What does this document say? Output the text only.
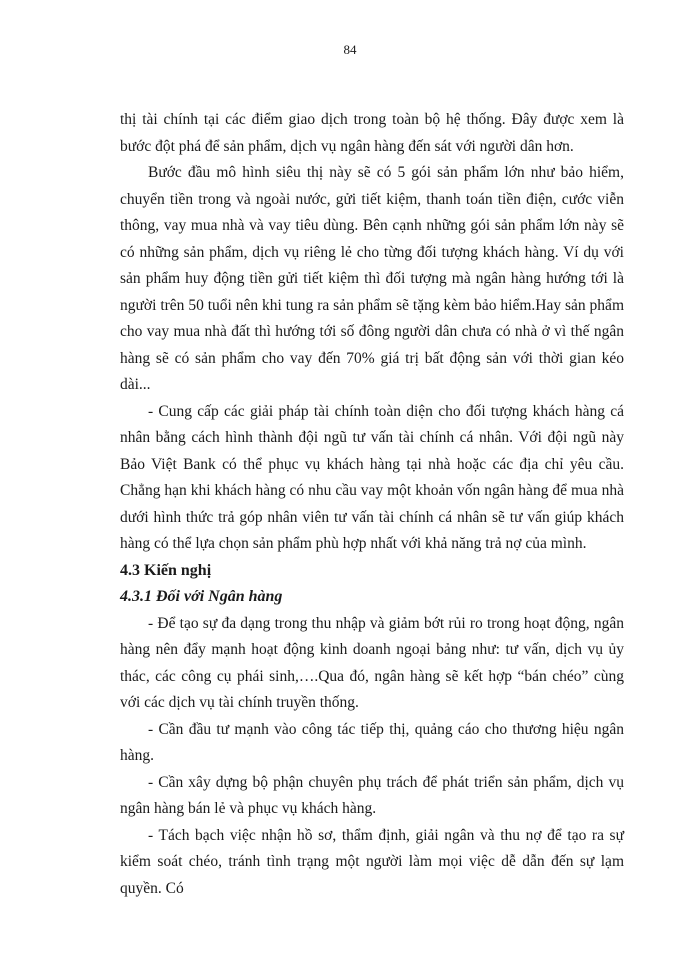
84

thị tài chính tại các điểm giao dịch trong toàn bộ hệ thống. Đây được xem là bước đột phá để sản phẩm, dịch vụ ngân hàng đến sát với người dân hơn.

Bước đầu mô hình siêu thị này sẽ có 5 gói sản phẩm lớn như bảo hiểm, chuyển tiền trong và ngoài nước, gửi tiết kiệm, thanh toán tiền điện, cước viễn thông, vay mua nhà và vay tiêu dùng. Bên cạnh những gói sản phẩm lớn này sẽ có những sản phẩm, dịch vụ riêng lẻ cho từng đối tượng khách hàng. Ví dụ với sản phẩm huy động tiền gửi tiết kiệm thì đối tượng mà ngân hàng hướng tới là người trên 50 tuổi nên khi tung ra sản phẩm sẽ tặng kèm bảo hiểm.Hay sản phẩm cho vay mua nhà đất thì hướng tới số đông người dân chưa có nhà ở vì thế ngân hàng sẽ có sản phẩm cho vay đến 70% giá trị bất động sản với thời gian kéo dài...

- Cung cấp các giải pháp tài chính toàn diện cho đối tượng khách hàng cá nhân bằng cách hình thành đội ngũ tư vấn tài chính cá nhân. Với đội ngũ này Bảo Việt Bank có thể phục vụ khách hàng tại nhà hoặc các địa chỉ yêu cầu. Chẳng hạn khi khách hàng có nhu cầu vay một khoản vốn ngân hàng để mua nhà dưới hình thức trả góp nhân viên tư vấn tài chính cá nhân sẽ tư vấn giúp khách hàng có thể lựa chọn sản phẩm phù hợp nhất với khả năng trả nợ của mình.

4.3 Kiến nghị

4.3.1 Đối với Ngân hàng

- Để tạo sự đa dạng trong thu nhập và giảm bớt rủi ro trong hoạt động, ngân hàng nên đẩy mạnh hoạt động kinh doanh ngoại bảng như: tư vấn, dịch vụ ủy thác, các công cụ phái sinh,….Qua đó, ngân hàng sẽ kết hợp “bán chéo” cùng với các dịch vụ tài chính truyền thống.

- Cần đầu tư mạnh vào công tác tiếp thị, quảng cáo cho thương hiệu ngân hàng.

- Cần xây dựng bộ phận chuyên phụ trách để phát triển sản phẩm, dịch vụ ngân hàng bán lẻ và phục vụ khách hàng.

- Tách bạch việc nhận hồ sơ, thẩm định, giải ngân và thu nợ để tạo ra sự kiểm soát chéo, tránh tình trạng một người làm mọi việc dễ dẫn đến sự lạm quyền. Có
